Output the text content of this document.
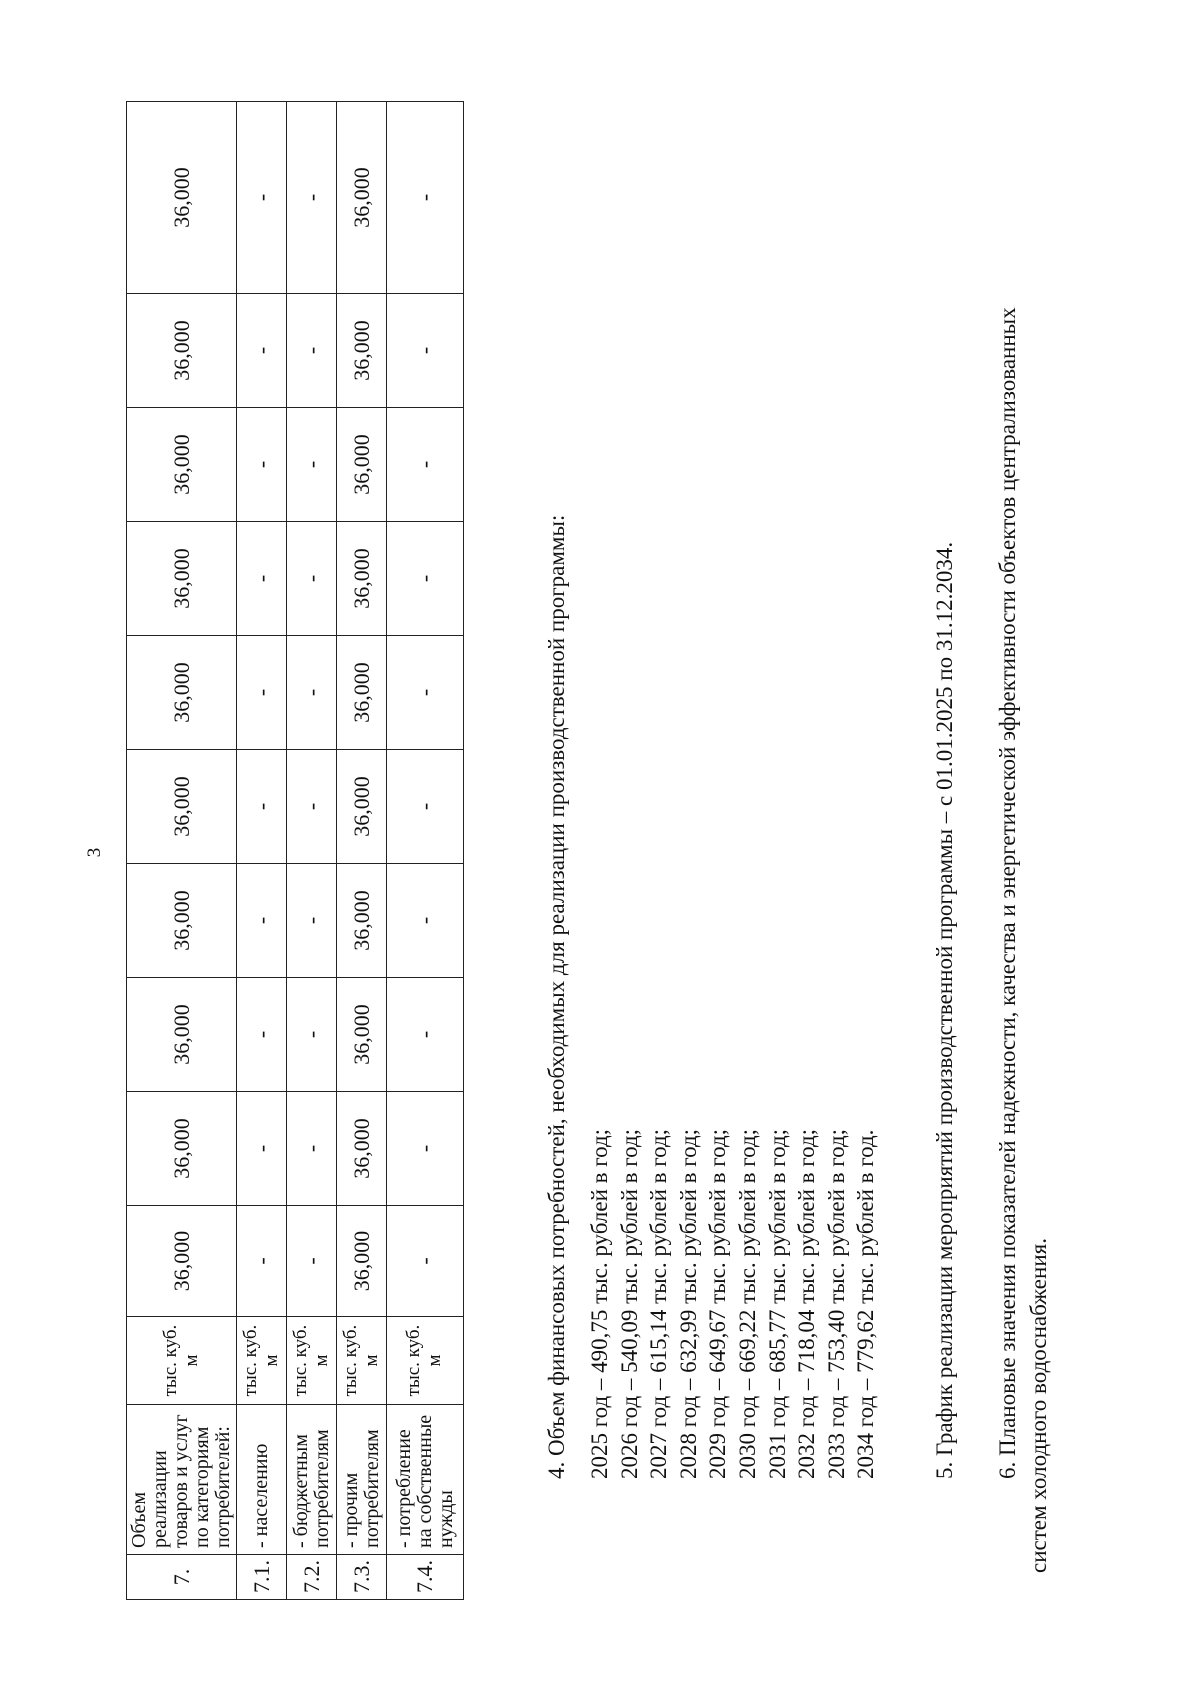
3
7.	Объем реализации товаров и услуг по категориям потребителей:	тыс. куб. м	36,000	36,000	36,000	36,000	36,000	36,000	36,000	36,000	36,000	36,000
7.1.	- населению	тыс. куб. м	-	-	-	-	-	-	-	-	-	-
7.2.	- бюджетным потребителям	тыс. куб. м	-	-	-	-	-	-	-	-	-	-
7.3.	- прочим потребителям	тыс. куб. м	36,000	36,000	36,000	36,000	36,000	36,000	36,000	36,000	36,000	36,000
7.4.	- потребление на собственные нужды	тыс. куб. м	-	-	-	-	-	-	-	-	-	-
4. Объем финансовых потребностей, необходимых для реализации производственной программы: 2025 год – 490,75 тыс. рублей в год; 2026 год – 540,09 тыс. рублей в год; 2027 год – 615,14 тыс. рублей в год; 2028 год – 632,99 тыс. рублей в год; 2029 год – 649,67 тыс. рублей в год; 2030 год – 669,22 тыс. рублей в год; 2031 год – 685,77 тыс. рублей в год; 2032 год – 718,04 тыс. рублей в год; 2033 год – 753,40 тыс. рублей в год; 2034 год – 779,62 тыс. рублей в год. 5. График реализации мероприятий производственной программы – с 01.01.2025 по 31.12.2034. 6. Плановые значения показателей надежности, качества и энергетической эффективности объектов централизованных систем холодного водоснабжения.
